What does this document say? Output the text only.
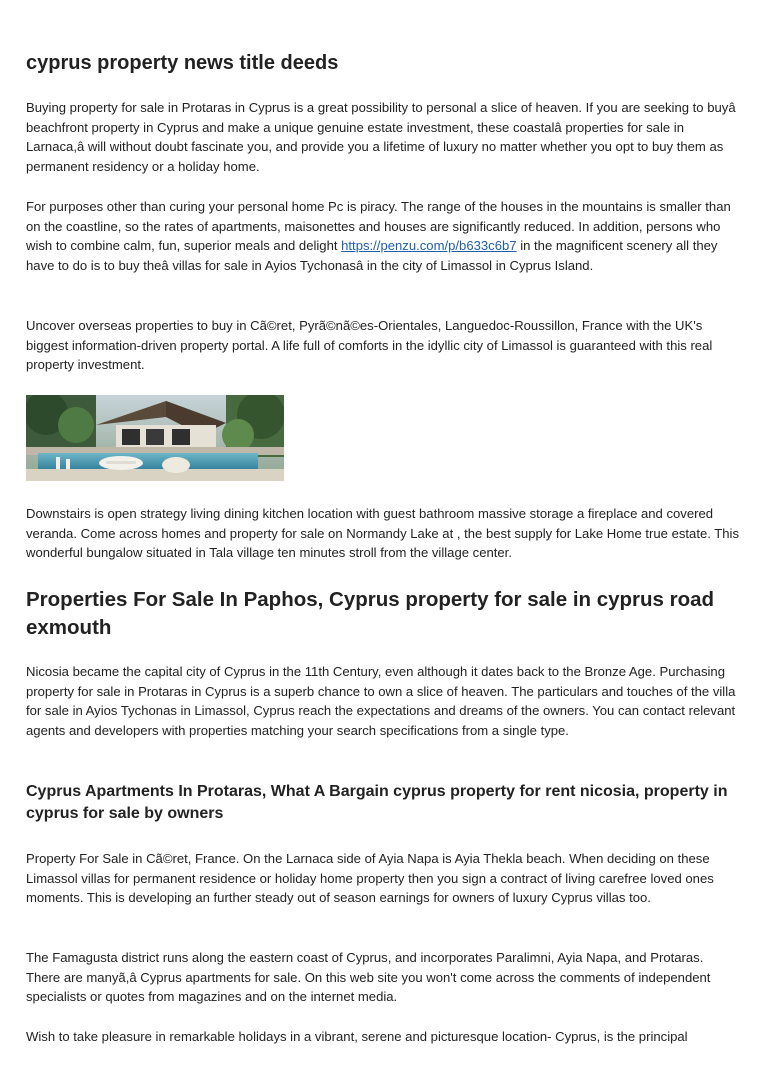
cyprus property news title deeds

Buying property for sale in Protaras in Cyprus is a great possibility to personal a slice of heaven. If you are seeking to buyâ beachfront property in Cyprus and make a unique genuine estate investment, these coastalâ properties for sale in Larnaca,â will without doubt fascinate you, and provide you a lifetime of luxury no matter whether you opt to buy them as permanent residency or a holiday home.

For purposes other than curing your personal home Pc is piracy. The range of the houses in the mountains is smaller than on the coastline, so the rates of apartments, maisonettes and houses are significantly reduced. In addition, persons who wish to combine calm, fun, superior meals and delight https://penzu.com/p/b633c6b7 in the magnificent scenery all they have to do is to buy theâ villas for sale in Ayios Tychonasâ in the city of Limassol in Cyprus Island.

Uncover overseas properties to buy in Cã©ret, Pyrã©nã©es-Orientales, Languedoc-Roussillon, France with the UK's biggest information-driven property portal. A life full of comforts in the idyllic city of Limassol is guaranteed with this real property investment.

Downstairs is open strategy living dining kitchen location with guest bathroom massive storage a fireplace and covered veranda. Come across homes and property for sale on Normandy Lake at , the best supply for Lake Home true estate. This wonderful bungalow situated in Tala village ten minutes stroll from the village center.

Properties For Sale In Paphos, Cyprus property for sale in cyprus road exmouth

Nicosia became the capital city of Cyprus in the 11th Century, even although it dates back to the Bronze Age. Purchasing property for sale in Protaras in Cyprus is a superb chance to own a slice of heaven. The particulars and touches of the villa for sale in Ayios Tychonas in Limassol, Cyprus reach the expectations and dreams of the owners. You can contact relevant agents and developers with properties matching your search specifications from a single type.

Cyprus Apartments In Protaras, What A Bargain cyprus property for rent nicosia, property in cyprus for sale by owners

Property For Sale in Cã©ret, France. On the Larnaca side of Ayia Napa is Ayia Thekla beach. When deciding on these Limassol villas for permanent residence or holiday home property then you sign a contract of living carefree loved ones moments. This is developing an further steady out of season earnings for owners of luxury Cyprus villas too.

The Famagusta district runs along the eastern coast of Cyprus, and incorporates Paralimni, Ayia Napa, and Protaras. There are manyã,â Cyprus apartments for sale. On this web site you won't come across the comments of independent specialists or quotes from magazines and on the internet media.

Wish to take pleasure in remarkable holidays in a vibrant, serene and picturesque location- Cyprus, is the principal
